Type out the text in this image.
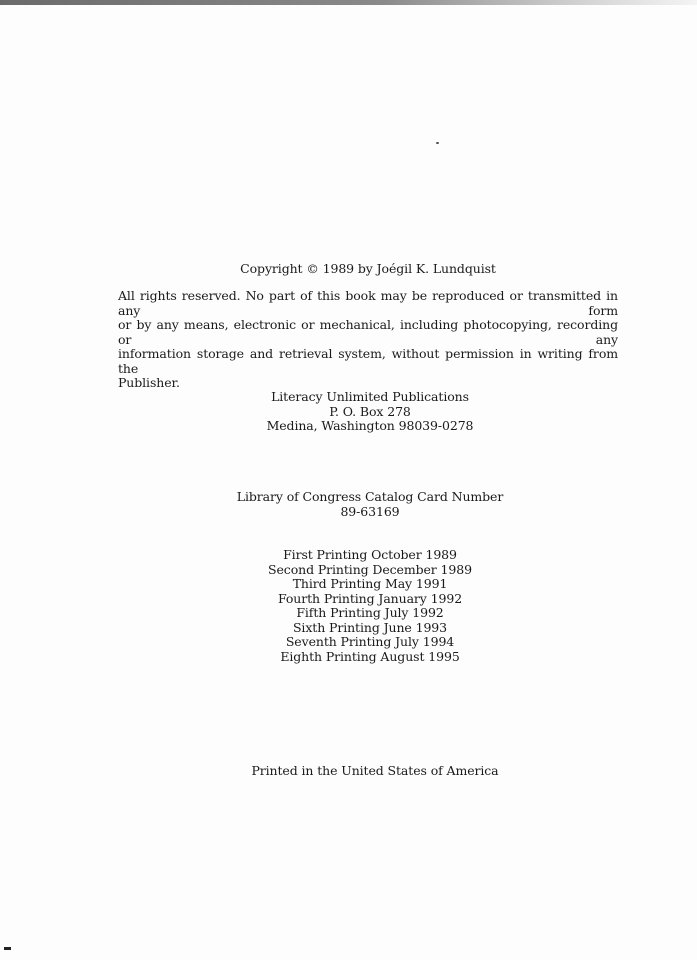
Copyright © 1989 by Joégil K. Lundquist
All rights reserved. No part of this book may be reproduced or transmitted in any form
or by any means, electronic or mechanical, including photocopying, recording or any
information storage and retrieval system, without permission in writing from the
Publisher.
Literacy Unlimited Publications
P. O. Box 278
Medina, Washington 98039-0278
Library of Congress Catalog Card Number
89-63169
First Printing October 1989
Second Printing December 1989
Third Printing May 1991
Fourth Printing January 1992
Fifth Printing July 1992
Sixth Printing June 1993
Seventh Printing July 1994
Eighth Printing August 1995
Printed in the United States of America
